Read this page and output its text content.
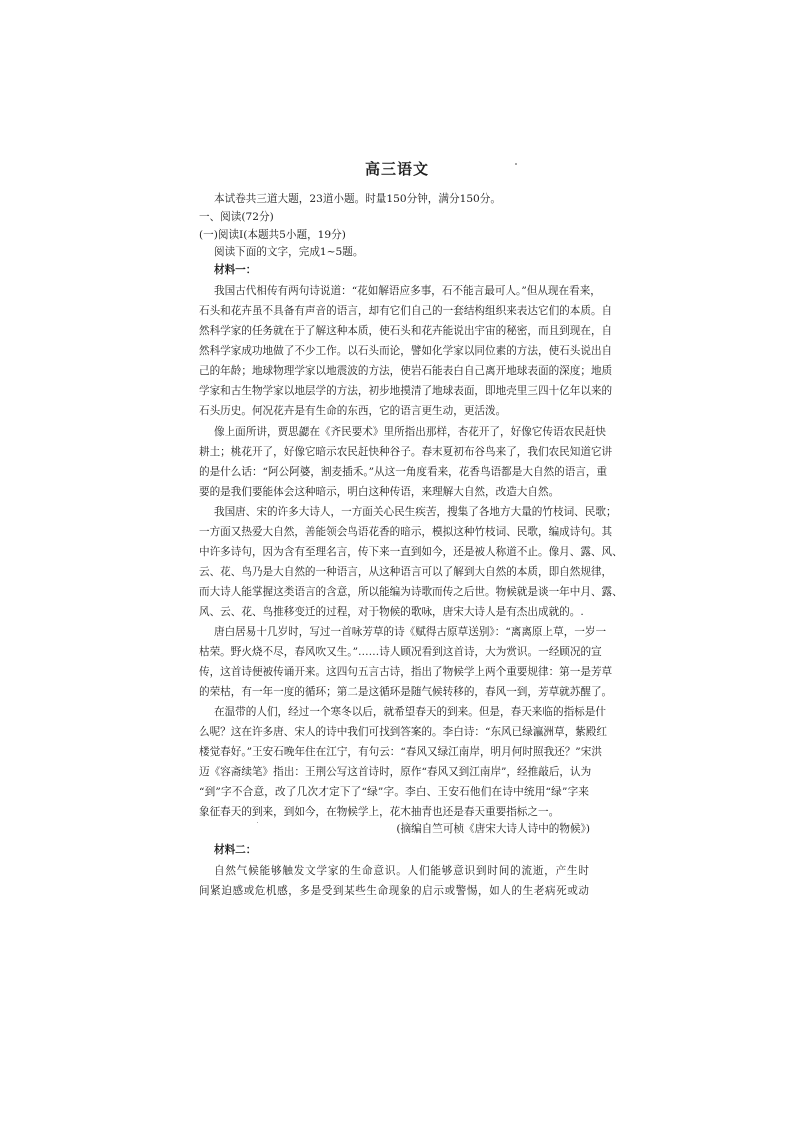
高三语文
本试卷共三道大题，23道小题。时量150分钟，满分150分。
一、阅读(72分)
(一)阅读Ⅰ(本题共5小题，19分)
阅读下面的文字，完成1~5题。
材料一：
我国古代相传有两句诗说道：“花如解语应多事，石不能言最可人。”但从现在看来，
石头和花卉虽不具备有声音的语言，却有它们自己的一套结构组织来表达它们的本质。自
然科学家的任务就在于了解这种本质，使石头和花卉能说出宇宙的秘密，而且到现在，自
然科学家成功地做了不少工作。以石头而论，譬如化学家以同位素的方法，使石头说出自
己的年龄；地球物理学家以地震波的方法，使岩石能表白自己离开地球表面的深度；地质
学家和古生物学家以地层学的方法，初步地摸清了地球表面，即地壳里三四十亿年以来的
石头历史。何况花卉是有生命的东西，它的语言更生动，更活泼。
像上面所讲，贾思勰在《齐民要术》里所指出那样，杏花开了，好像它传语农民赶快
耕土；桃花开了，好像它暗示农民赶快种谷子。春末夏初布谷鸟来了，我们农民知道它讲
的是什么话：“阿公阿婆，割麦插禾。”从这一角度看来，花香鸟语都是大自然的语言，重
要的是我们要能体会这种暗示，明白这种传语，来理解大自然，改造大自然。
我国唐、宋的许多大诗人，一方面关心民生疾苦，搜集了各地方大量的竹枝词、民歌；
一方面又热爱大自然，善能领会鸟语花香的暗示，模拟这种竹枝词、民歌，编成诗句。其
中许多诗句，因为含有至理名言，传下来一直到如今，还是被人称道不止。像月、露、风、
云、花、鸟乃是大自然的一种语言，从这种语言可以了解到大自然的本质，即自然规律，
而大诗人能掌握这类语言的含意，所以能编为诗歌而传之后世。物候就是谈一年中月、露、
风、云、花、鸟推移变迁的过程，对于物候的歌咏，唐宋大诗人是有杰出成就的。.
唐白居易十几岁时，写过一首咏芳草的诗《赋得古原草送别》：“离离原上草，一岁一
枯荣。野火烧不尽，春风吹又生。”……诗人顾况看到这首诗，大为赏识。一经顾况的宣
传，这首诗便被传诵开来。这四句五言古诗，指出了物候学上两个重要规律：第一是芳草
的荣枯，有一年一度的循环；第二是这循环是随气候转移的，春风一到，芳草就苏醒了。
在温带的人们，经过一个寒冬以后，就希望春天的到来。但是，春天来临的指标是什
么呢？这在许多唐、宋人的诗中我们可找到答案的。李白诗：“东风已绿瀛洲草，紫殿红
楼觉春好。”王安石晚年住在江宁，有句云：“春风又绿江南岸，明月何时照我还？”宋洪
迈《容斋续笔》指出：王荆公写这首诗时，原作“春风又到江南岸”，经推敲后，认为
“到”字不合意，改了几次才定下了“绿”字。李白、王安石他们在诗中统用“绿”字来
象征春天的到来，到如今，在物候学上，花木抽青也还是春天重要指标之一。
(摘编自竺可桢《唐宋大诗人诗中的物候》)
材料二：
自然气候能够触发文学家的生命意识。人们能够意识到时间的流逝，产生时
间紧迫感或危机感，多是受到某些生命现象的启示或警惕，如人的生老病死或动
